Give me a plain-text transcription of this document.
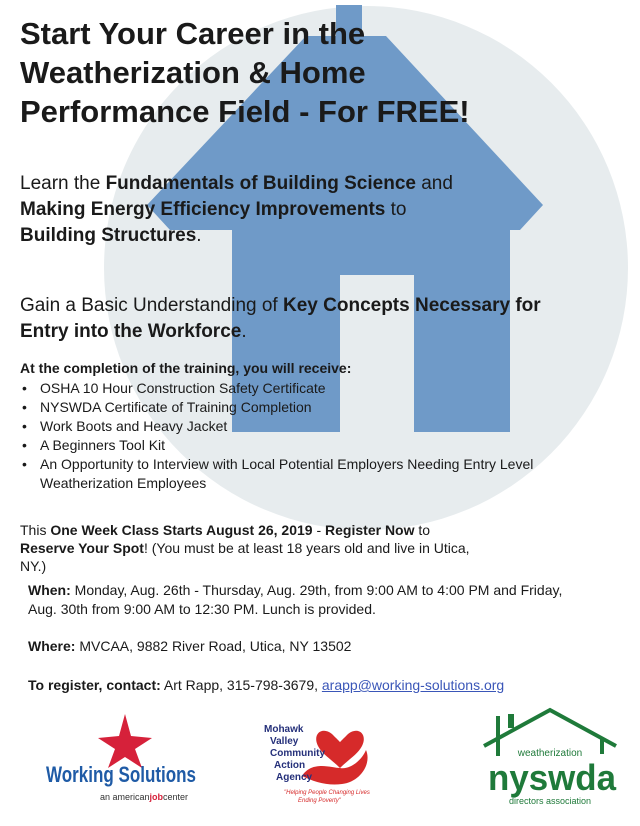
Start Your Career in the
Weatherization & Home
Performance Field - For FREE!
Learn the Fundamentals of Building Science and Making Energy Efficiency Improvements to Building Structures.
Gain a Basic Understanding of Key Concepts Necessary for Entry into the Workforce.
At the completion of the training, you will receive:
• OSHA 10 Hour Construction Safety Certificate
• NYSWDA Certificate of Training Completion
• Work Boots and Heavy Jacket
• A Beginners Tool Kit
• An Opportunity to Interview with Local Potential Employers Needing Entry Level Weatherization Employees
This One Week Class Starts August 26, 2019 - Register Now to Reserve Your Spot! (You must be at least 18 years old and live in Utica, NY.)
When: Monday, Aug. 26th - Thursday, Aug. 29th, from 9:00 AM to 4:00 PM and Friday, Aug. 30th from 9:00 AM to 12:30 PM. Lunch is provided.
Where: MVCAA, 9882 River Road, Utica, NY 13502
To register, contact: Art Rapp, 315-798-3679, arapp@working-solutions.org
Working Solutions
an americanjobcenter
Mohawk
Valley
Community
Action
Agency
"Helping People Changing Lives
Ending Poverty"
weatherization
nyswda
directors association
